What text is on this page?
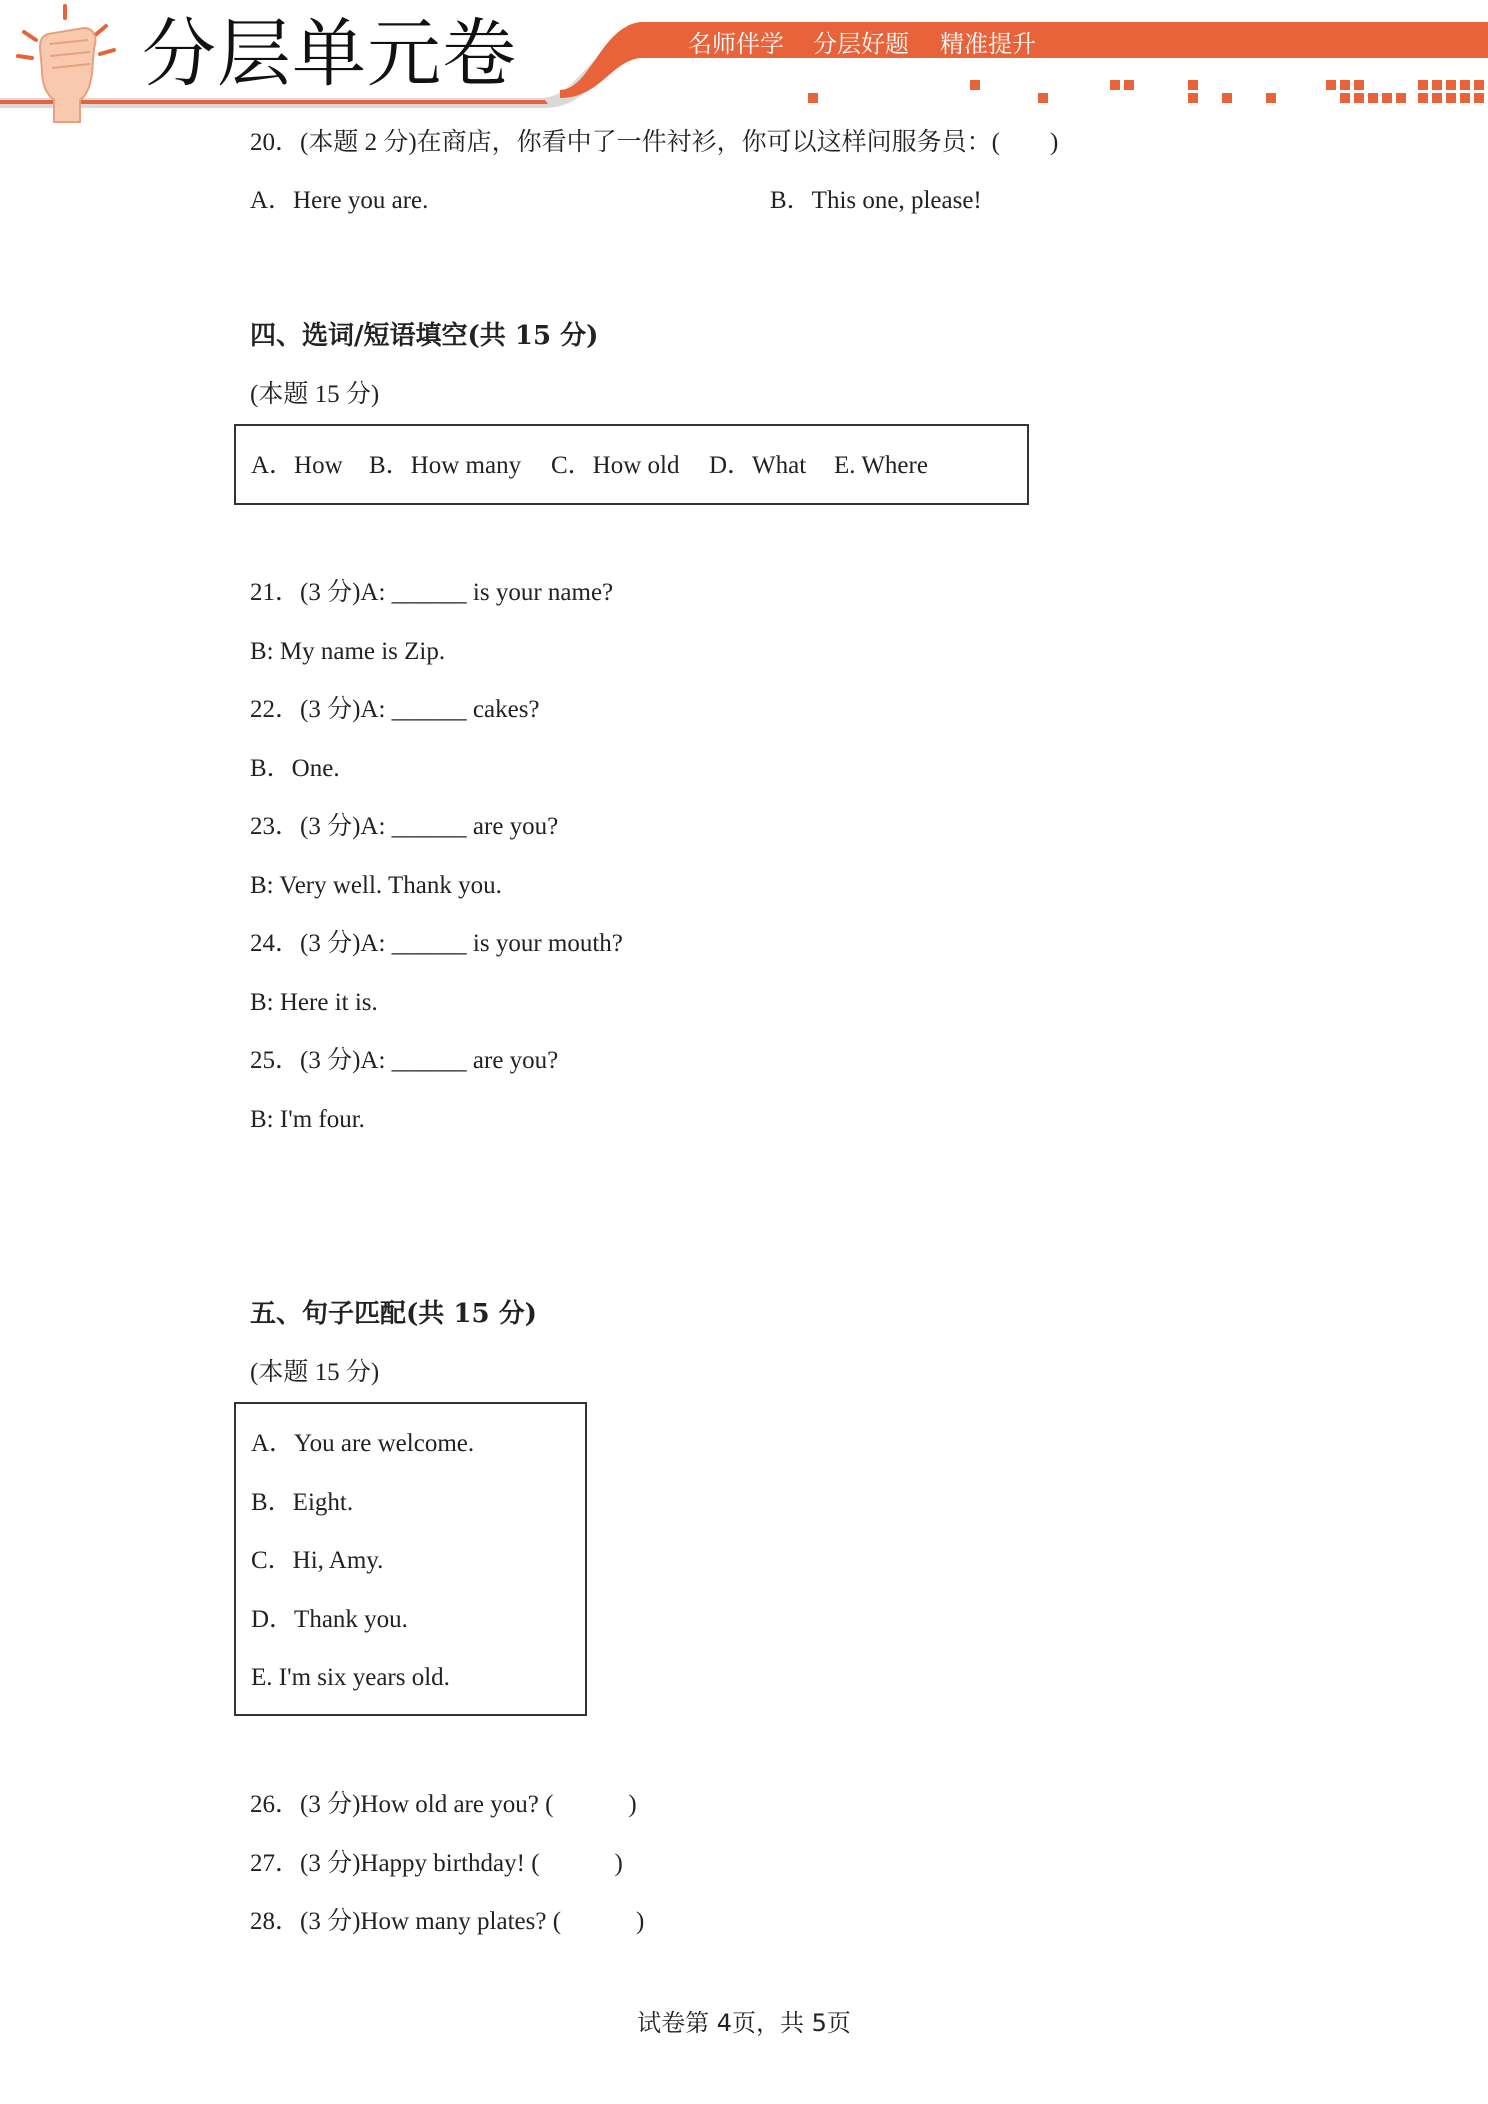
分层单元卷	名师伴学 分层好题 精准提升
20．(本题 2 分)在商店，你看中了一件衬衫，你可以这样问服务员：(　　)
A．Here you are.	B．This one, please!
四、选词/短语填空(共 15 分)
(本题 15 分)
A．How B．How many C．How old D．What E. Where
21．(3 分)A: ______ is your name?
B: My name is Zip.
22．(3 分)A: ______ cakes?
B．One.
23．(3 分)A: ______ are you?
B: Very well. Thank you.
24．(3 分)A: ______ is your mouth?
B: Here it is.
25．(3 分)A: ______ are you?
B: I'm four.
五、句子匹配(共 15 分)
(本题 15 分)
A．You are welcome.
B．Eight.
C．Hi, Amy.
D．Thank you.
E. I'm six years old.
26．(3 分)How old are you? (　　　)
27．(3 分)Happy birthday! (　　　)
28．(3 分)How many plates? (　　　)
试卷第 4页，共 5页
